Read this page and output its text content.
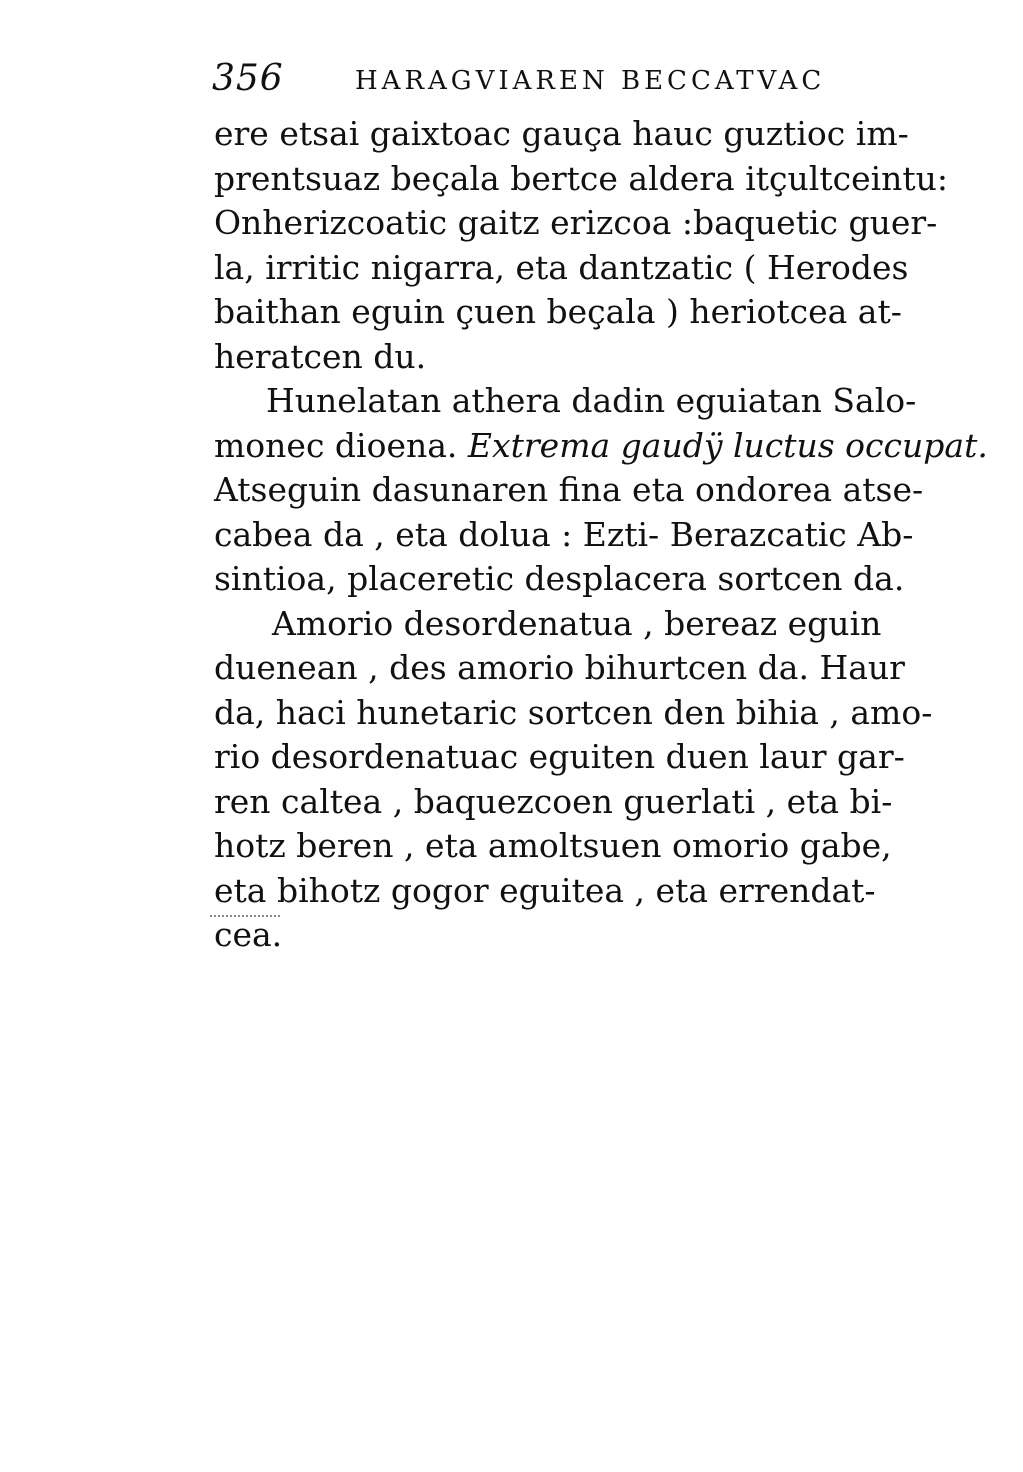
356	HARAGVIAREN BECCATVAC
ere etsai gaixtoac gauça hauc guztioc im-
prentsuaz beçala bertce aldera itçultceintu:
Onherizcoatic gaitz erizcoa :baquetic guer-
la, irritic nigarra, eta dantzatic ( Herodes
baithan eguin çuen beçala ) heriotcea at-
heratcen du.
Hunelatan athera dadin eguiatan Salo-
monec dioena. Extrema gaudÿ luctus occupat.
Atseguin dasunaren fina eta ondorea atse-
cabea da , eta dolua : Ezti- Berazcatic Ab-
sintioa, placeretic desplacera sortcen da.
Amorio desordenatua , bereaz eguin
duenean , des amorio bihurtcen da. Haur
da, haci hunetaric sortcen den bihia , amo-
rio desordenatuac eguiten duen laur gar-
ren caltea , baquezcoen guerlati , eta bi-
hotz beren , eta amoltsuen omorio gabe,
eta bihotz gogor eguitea , eta errendat-
cea.
